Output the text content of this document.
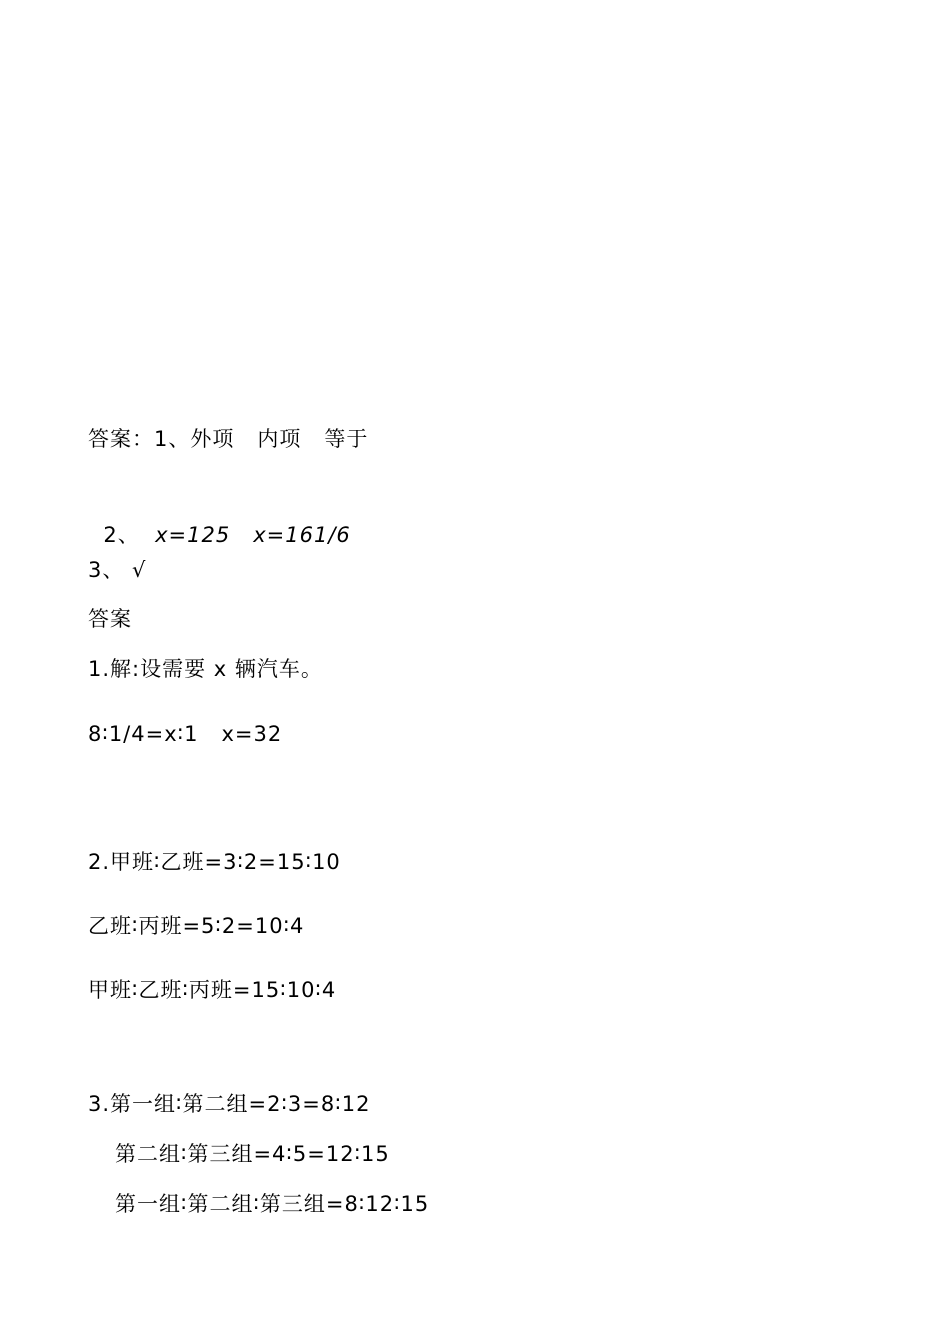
答案：1、外项   内项   等于

2、  x=125 x=161/6

3、 √
答案
1.解:设需要 x 辆汽车。
8∶1/4=x∶1   x=32
2.甲班∶乙班=3∶2=15∶10
乙班∶丙班=5∶2=10∶4
甲班∶乙班∶丙班=15∶10∶4
3.第一组∶第二组=2∶3=8∶12
第二组∶第三组=4∶5=12∶15
第一组∶第二组∶第三组=8∶12∶15
